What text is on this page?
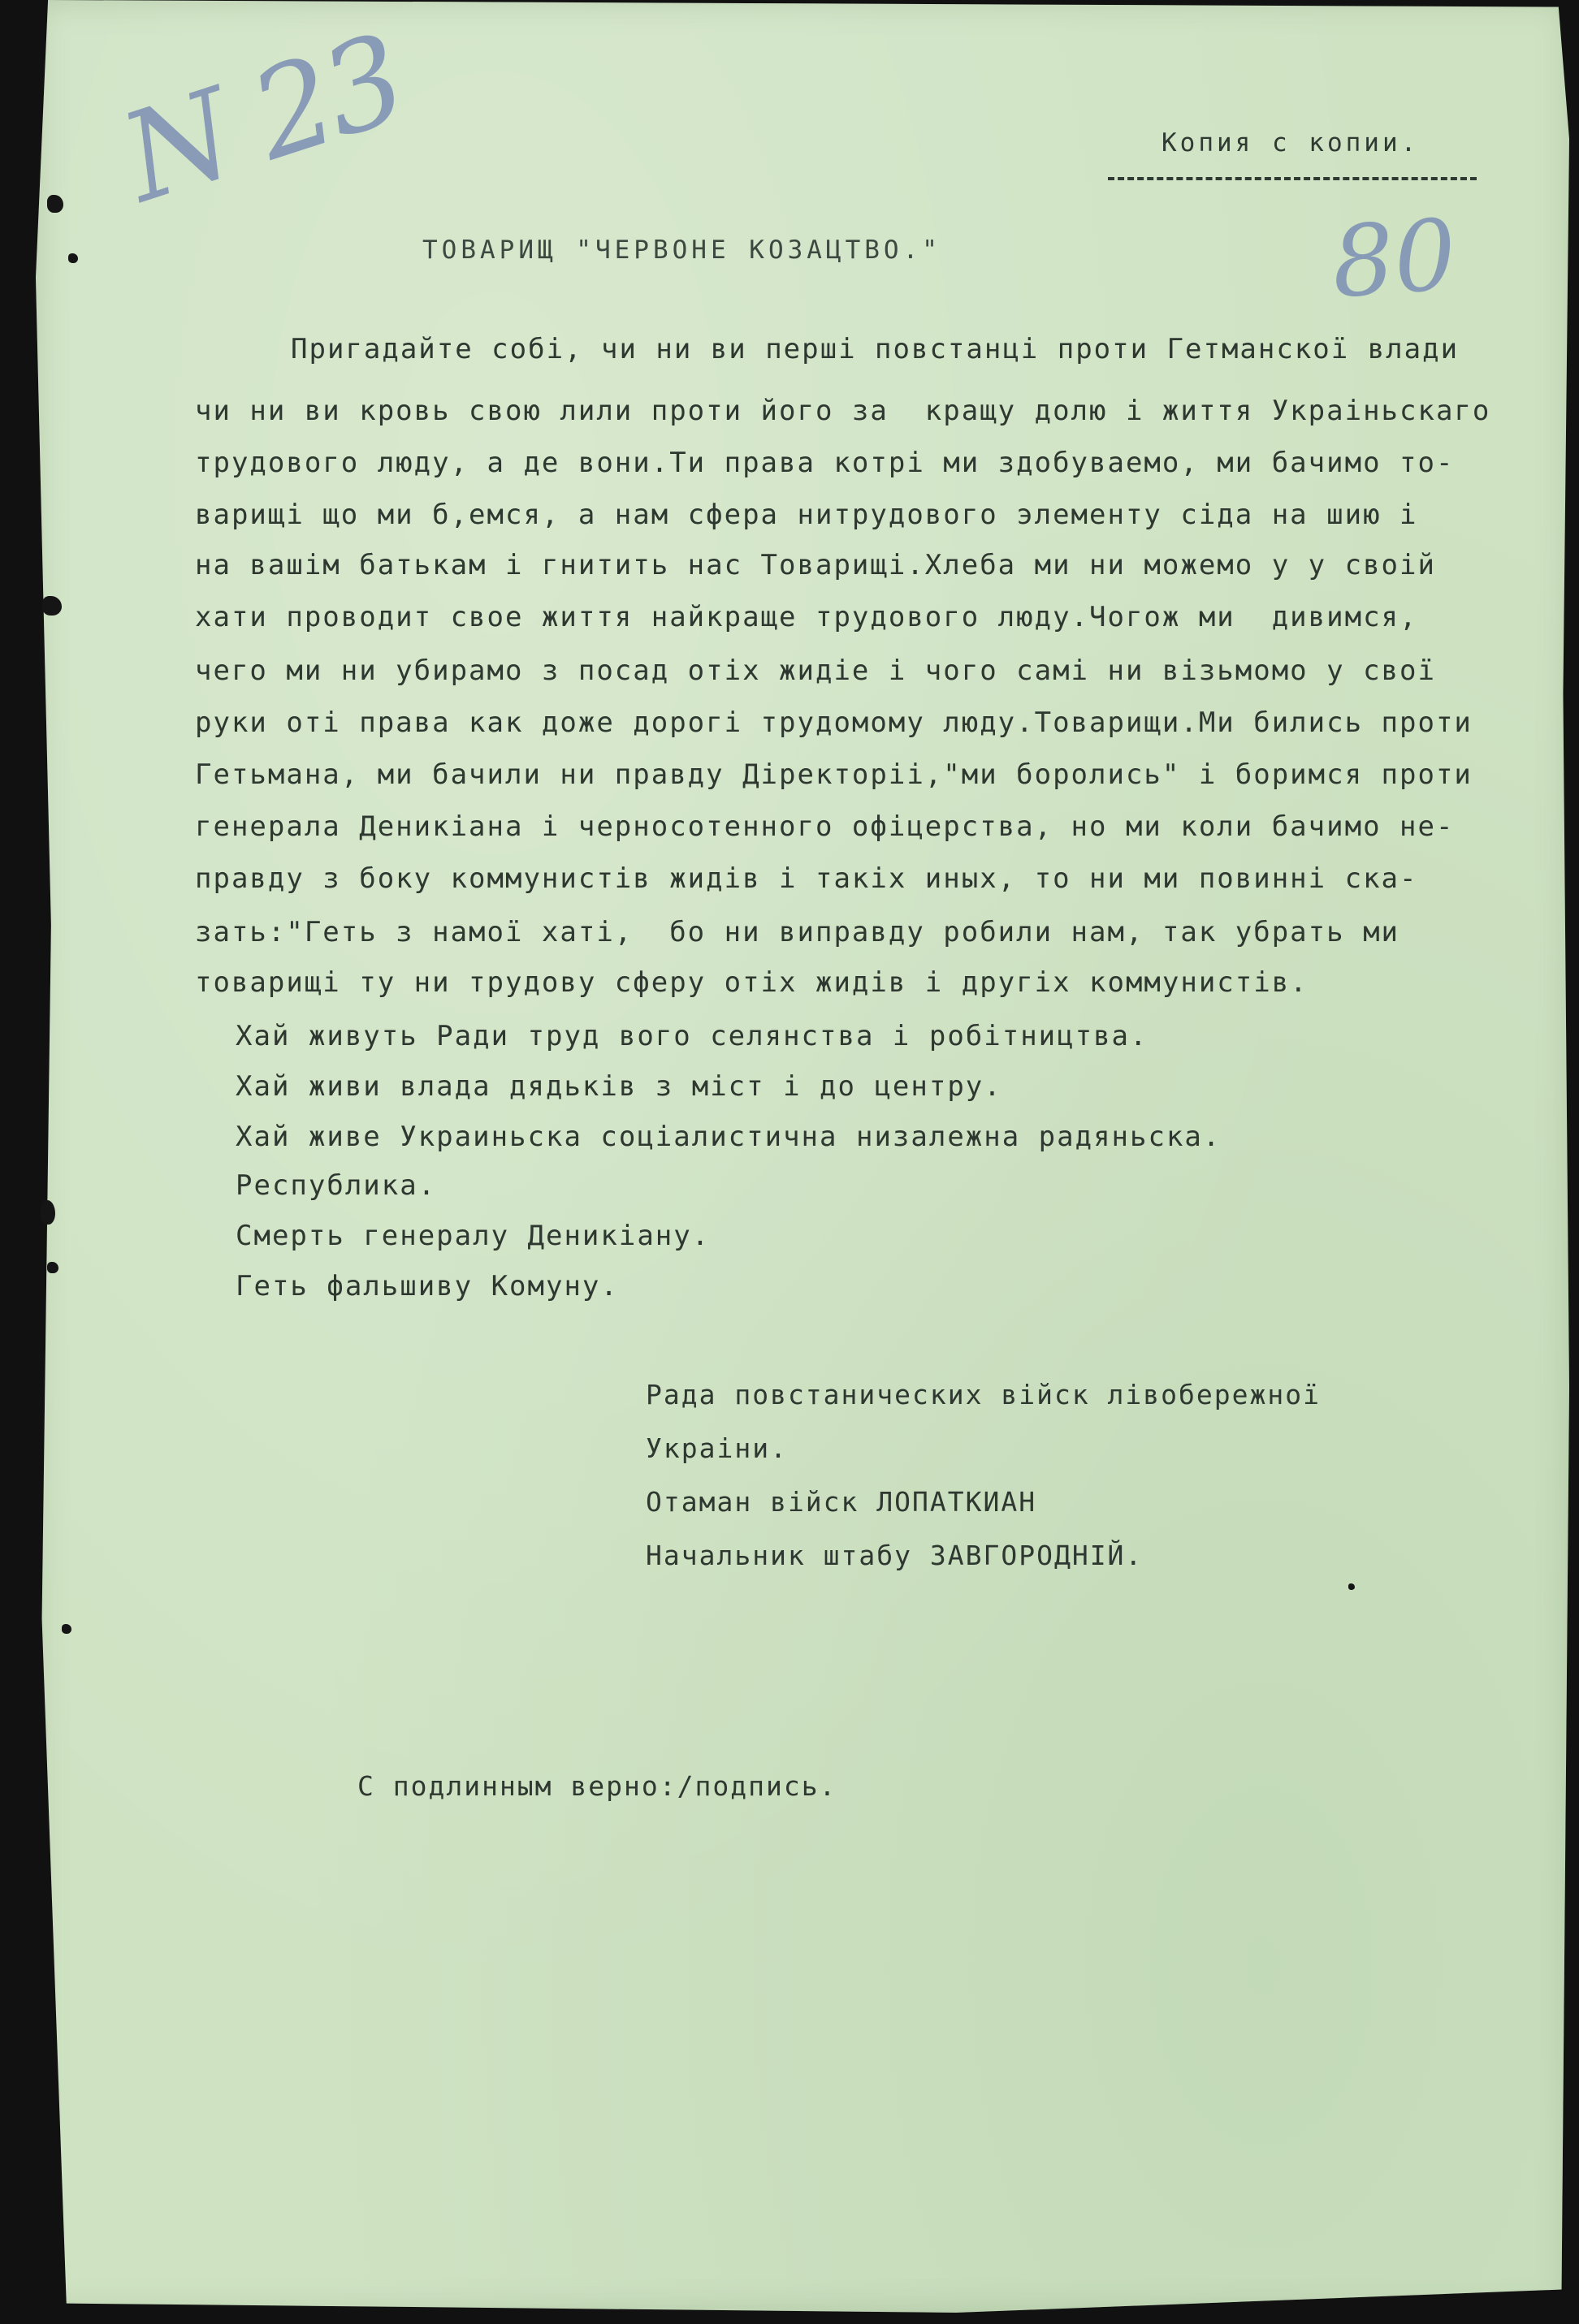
N 23
80
Копия с копии.
ТОВАРИЩ "ЧЕРВОНЕ КОЗАЦТВО."
Пригадайте собі, чи ни ви перші повстанці проти Гетманскої влади
чи ни ви кровь свою лили проти його за  кращу долю і життя Украіньскаго
трудового люду, а де вони.Ти права котрі ми здобуваемо, ми бачимо то-
варищі що ми б,емся, а нам сфера нитрудового элементу сіда на шию і
на вашім батькам і гнитить нас Товарищі.Хлеба ми ни можемо у у своій
хати проводит свое життя найкраще трудового люду.Чогож ми  дивимся,
чего ми ни убирамо з посад отіх жидіе і чого самі ни візьмомо у свої
руки оті права как доже дорогі трудомому люду.Товарищи.Ми бились проти
Гетьмана, ми бачили ни правду Діректоріі,"ми боролись" і боримся проти
генерала Деникіана і черносотенного офіцерства, но ми коли бачимо не-
правду з боку коммунистів жидів і такіх иных, то ни ми повинні ска-
зать:"Геть з намої хаті,  бо ни виправду робили нам, так убрать ми
товарищі ту ни трудову сферу отіх жидів і другіх коммунистів.
Хай живуть Ради труд вого селянства і робітництва.
Хай живи влада дядьків з міст і до центру.
Хай живе Украиньска соціалистична низалежна радяньска.
Республика.
Смерть генералу Деникіану.
Геть фальшиву Комуну.
Рада повстанических війск лівобережної
Украіни.
Отаман війск ЛОПАТКИАН
Начальник штабу ЗАВГОРОДНІЙ.
С подлинным верно:/подпись.
